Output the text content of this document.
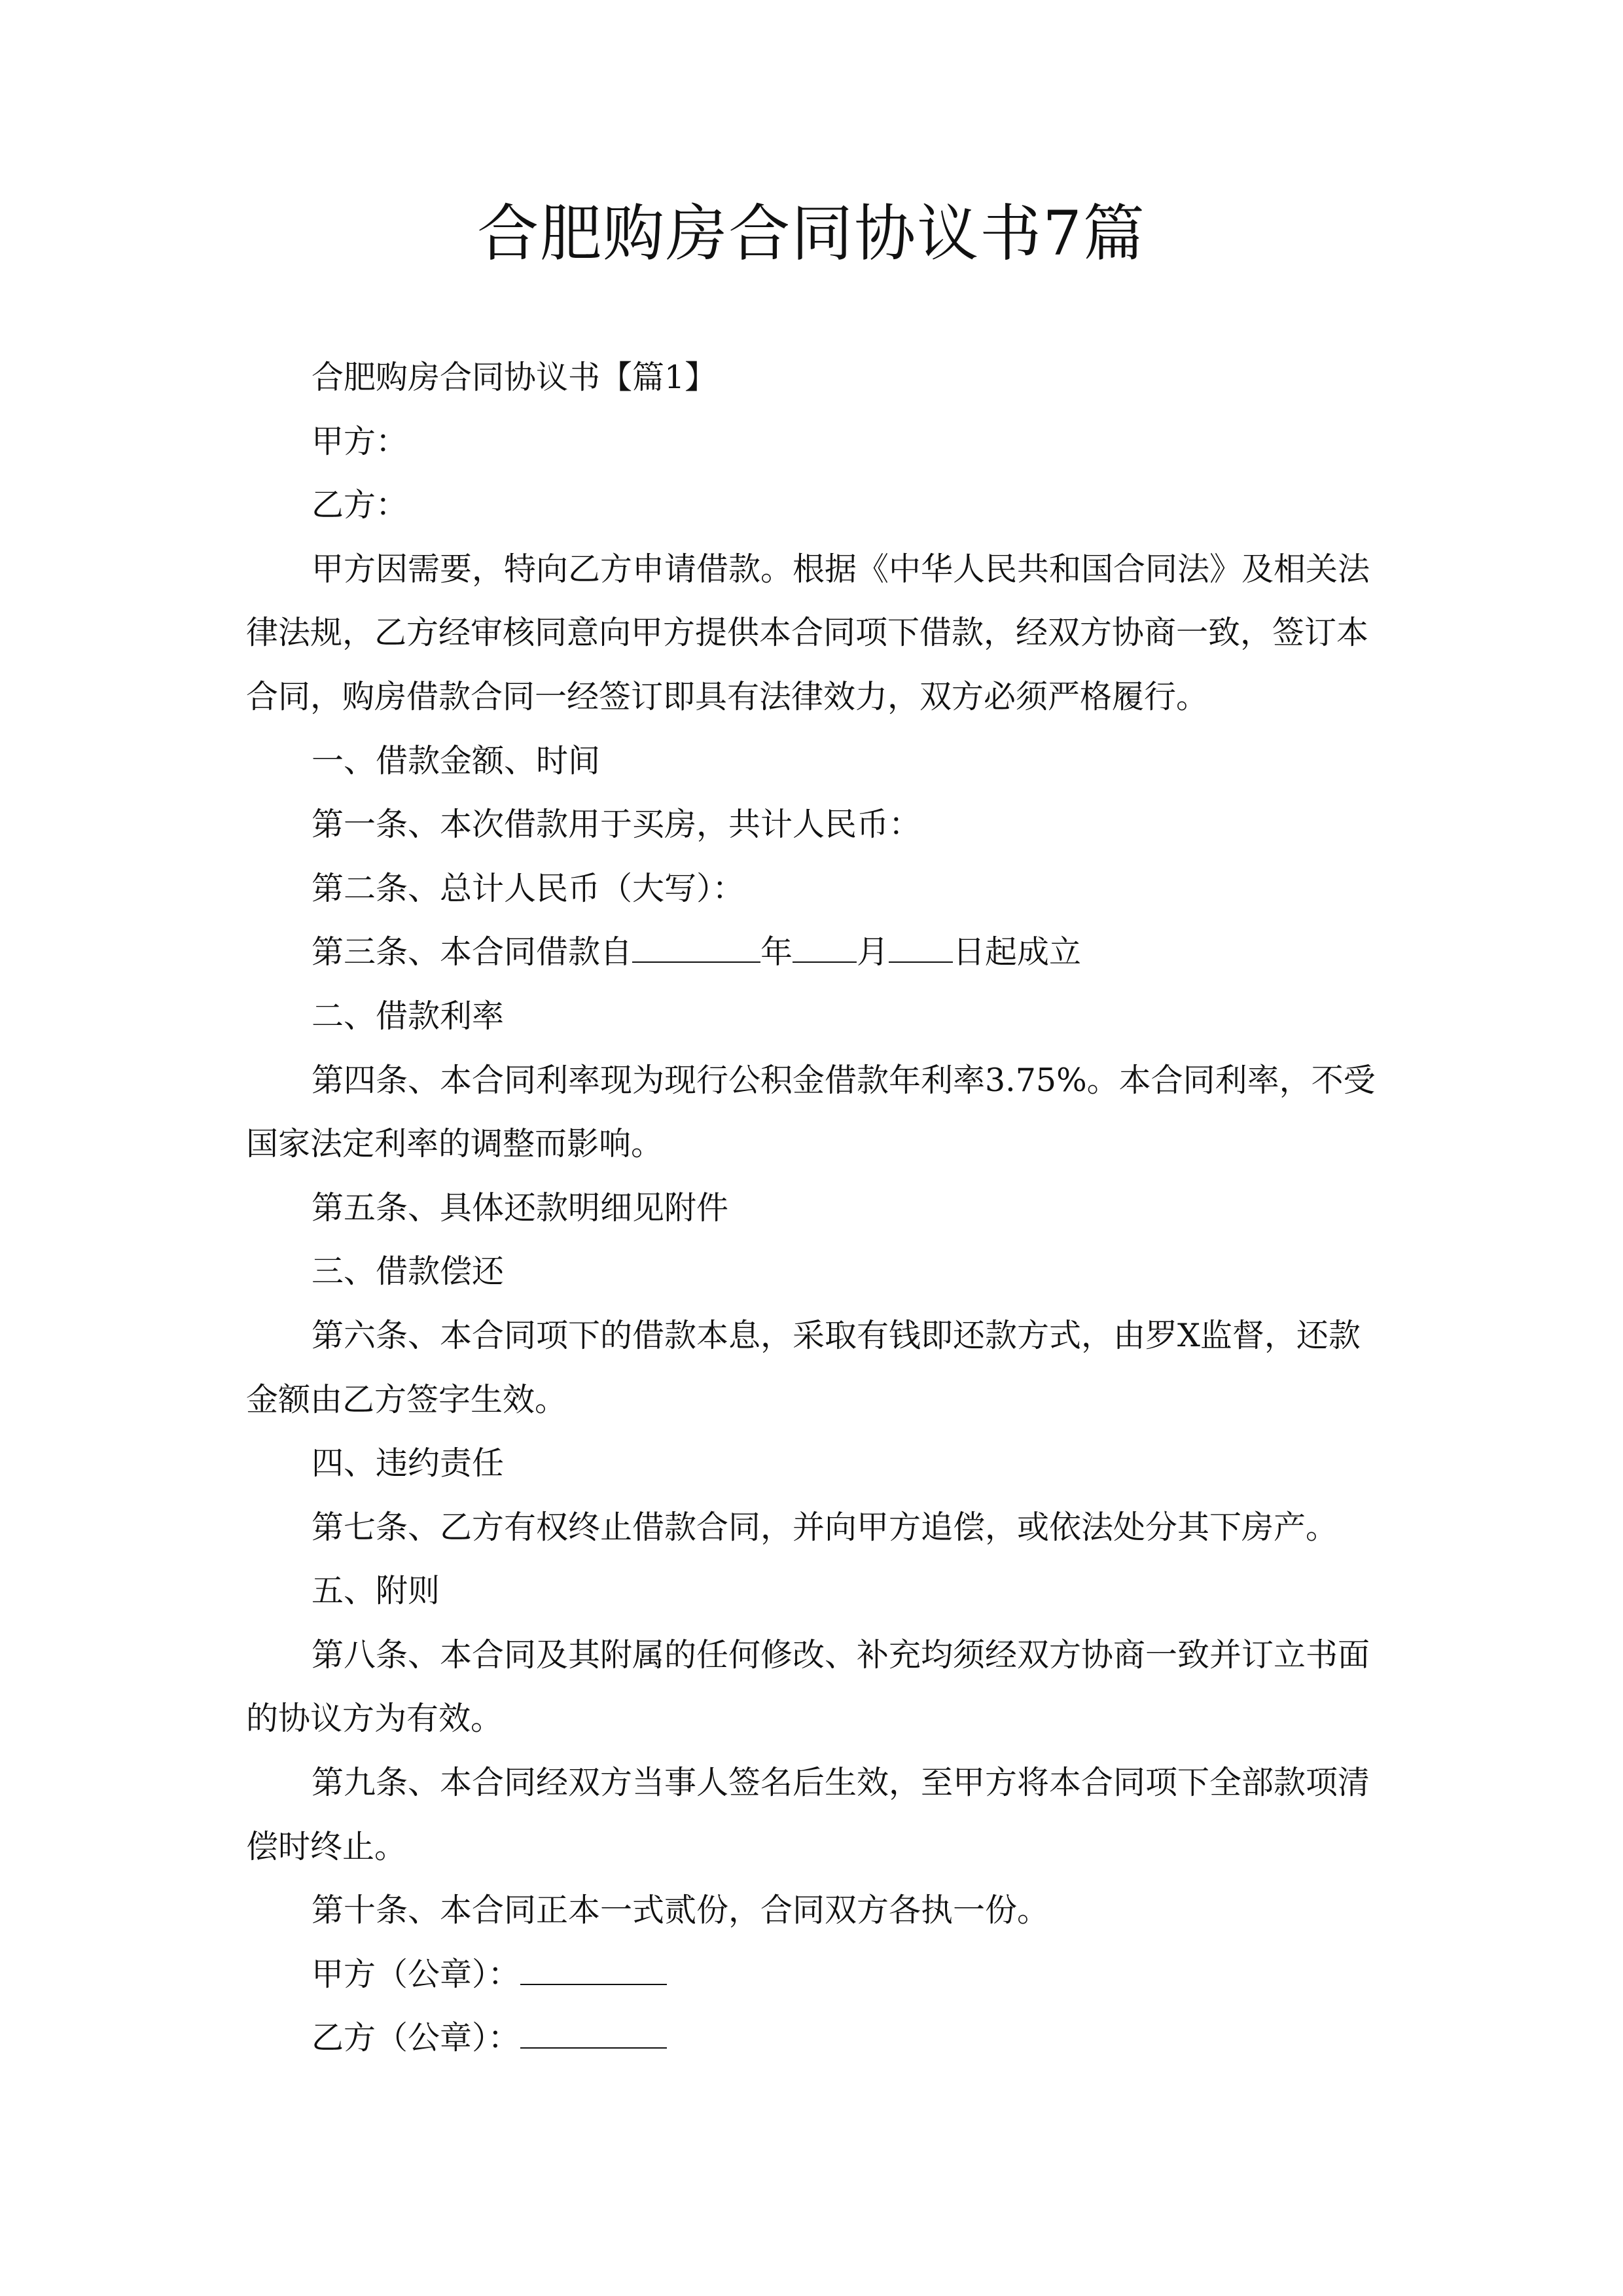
合肥购房合同协议书7篇
合肥购房合同协议书【篇1】
甲方：
乙方：
甲方因需要，特向乙方申请借款。根据《中华人民共和国合同法》及相关法
律法规，乙方经审核同意向甲方提供本合同项下借款，经双方协商一致，签订本
合同，购房借款合同一经签订即具有法律效力，双方必须严格履行。
一、借款金额、时间
第一条、本次借款用于买房，共计人民币：
第二条、总计人民币（大写）：
第三条、本合同借款自	年 月 日起成立
二、借款利率
第四条、本合同利率现为现行公积金借款年利率3.75%。本合同利率，不受
国家法定利率的调整而影响。
第五条、具体还款明细见附件
三、借款偿还
第六条、本合同项下的借款本息，采取有钱即还款方式，由罗X监督，还款
金额由乙方签字生效。
四、违约责任
第七条、乙方有权终止借款合同，并向甲方追偿，或依法处分其下房产。
五、附则
第八条、本合同及其附属的任何修改、补充均须经双方协商一致并订立书面
的协议方为有效。
第九条、本合同经双方当事人签名后生效，至甲方将本合同项下全部款项清
偿时终止。
第十条、本合同正本一式贰份，合同双方各执一份。
甲方（公章）：
乙方（公章）：
